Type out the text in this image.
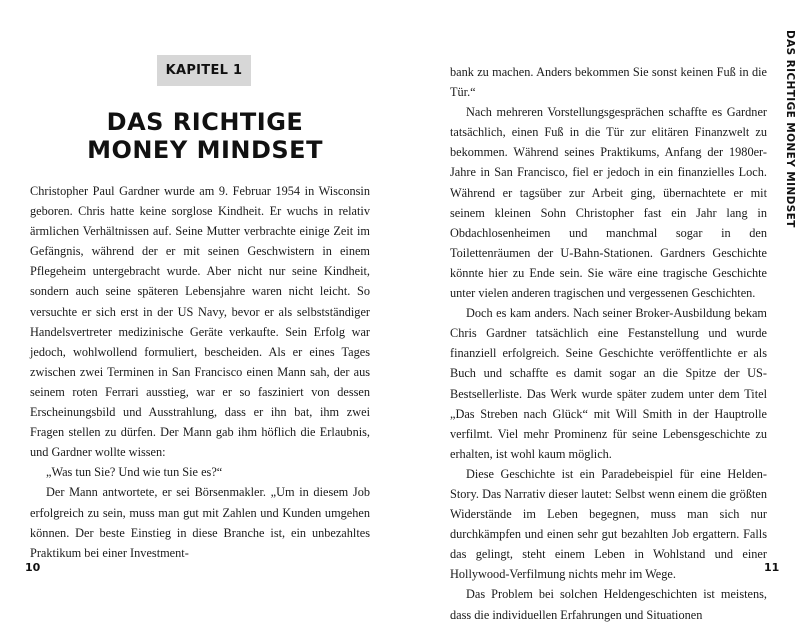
KAPITEL 1
DAS RICHTIGE
MONEY MINDSET

Christopher Paul Gardner wurde am 9. Februar 1954 in Wisconsin geboren. Chris hatte keine sorglose Kindheit. Er wuchs in relativ ärmlichen Verhältnissen auf. Seine Mutter verbrachte einige Zeit im Gefängnis, während der er mit seinen Geschwistern in einem Pflegeheim untergebracht wurde. Aber nicht nur seine Kindheit, sondern auch seine späteren Lebensjahre waren nicht leicht. So versuchte er sich erst in der US Navy, bevor er als selbstständiger Handelsvertreter medizinische Geräte verkaufte. Sein Erfolg war jedoch, wohlwollend formuliert, bescheiden. Als er eines Tages zwischen zwei Terminen in San Francisco einen Mann sah, der aus seinem roten Ferrari ausstieg, war er so fasziniert von dessen Erscheinungsbild und Ausstrahlung, dass er ihn bat, ihm zwei Fragen stellen zu dürfen. Der Mann gab ihm höflich die Erlaubnis, und Gardner wollte wissen:

„Was tun Sie? Und wie tun Sie es?“

Der Mann antwortete, er sei Börsenmakler. „Um in diesem Job erfolgreich zu sein, muss man gut mit Zahlen und Kunden umgehen können. Der beste Einstieg in diese Branche ist, ein unbezahltes Praktikum bei einer Investment-

10
DAS RICHTIGE MONEY MINDSET

bank zu machen. Anders bekommen Sie sonst keinen Fuß in die Tür.“

Nach mehreren Vorstellungsgesprächen schaffte es Gardner tatsächlich, einen Fuß in die Tür zur elitären Finanzwelt zu bekommen. Während seines Praktikums, Anfang der 1980er-Jahre in San Francisco, fiel er jedoch in ein finanzielles Loch. Während er tagsüber zur Arbeit ging, übernachtete er mit seinem kleinen Sohn Christopher fast ein Jahr lang in Obdachlosenheimen und manchmal sogar in den Toilettenräumen der U-Bahn-Stationen. Gardners Geschichte könnte hier zu Ende sein. Sie wäre eine tragische Geschichte unter vielen anderen tragischen und vergessenen Geschichten.

Doch es kam anders. Nach seiner Broker-Ausbildung bekam Chris Gardner tatsächlich eine Festanstellung und wurde finanziell erfolgreich. Seine Geschichte veröffentlichte er als Buch und schaffte es damit sogar an die Spitze der US-Bestsellerliste. Das Werk wurde später zudem unter dem Titel „Das Streben nach Glück“ mit Will Smith in der Hauptrolle verfilmt. Viel mehr Prominenz für seine Lebensgeschichte zu erhalten, ist wohl kaum möglich.

Diese Geschichte ist ein Paradebeispiel für eine Helden-Story. Das Narrativ dieser lautet: Selbst wenn einem die größten Widerstände im Leben begegnen, muss man sich nur durchkämpfen und einen sehr gut bezahlten Job ergattern. Falls das gelingt, steht einem Leben in Wohlstand und einer Hollywood-Verfilmung nichts mehr im Wege.

Das Problem bei solchen Heldengeschichten ist meistens, dass die individuellen Erfahrungen und Situationen

11
